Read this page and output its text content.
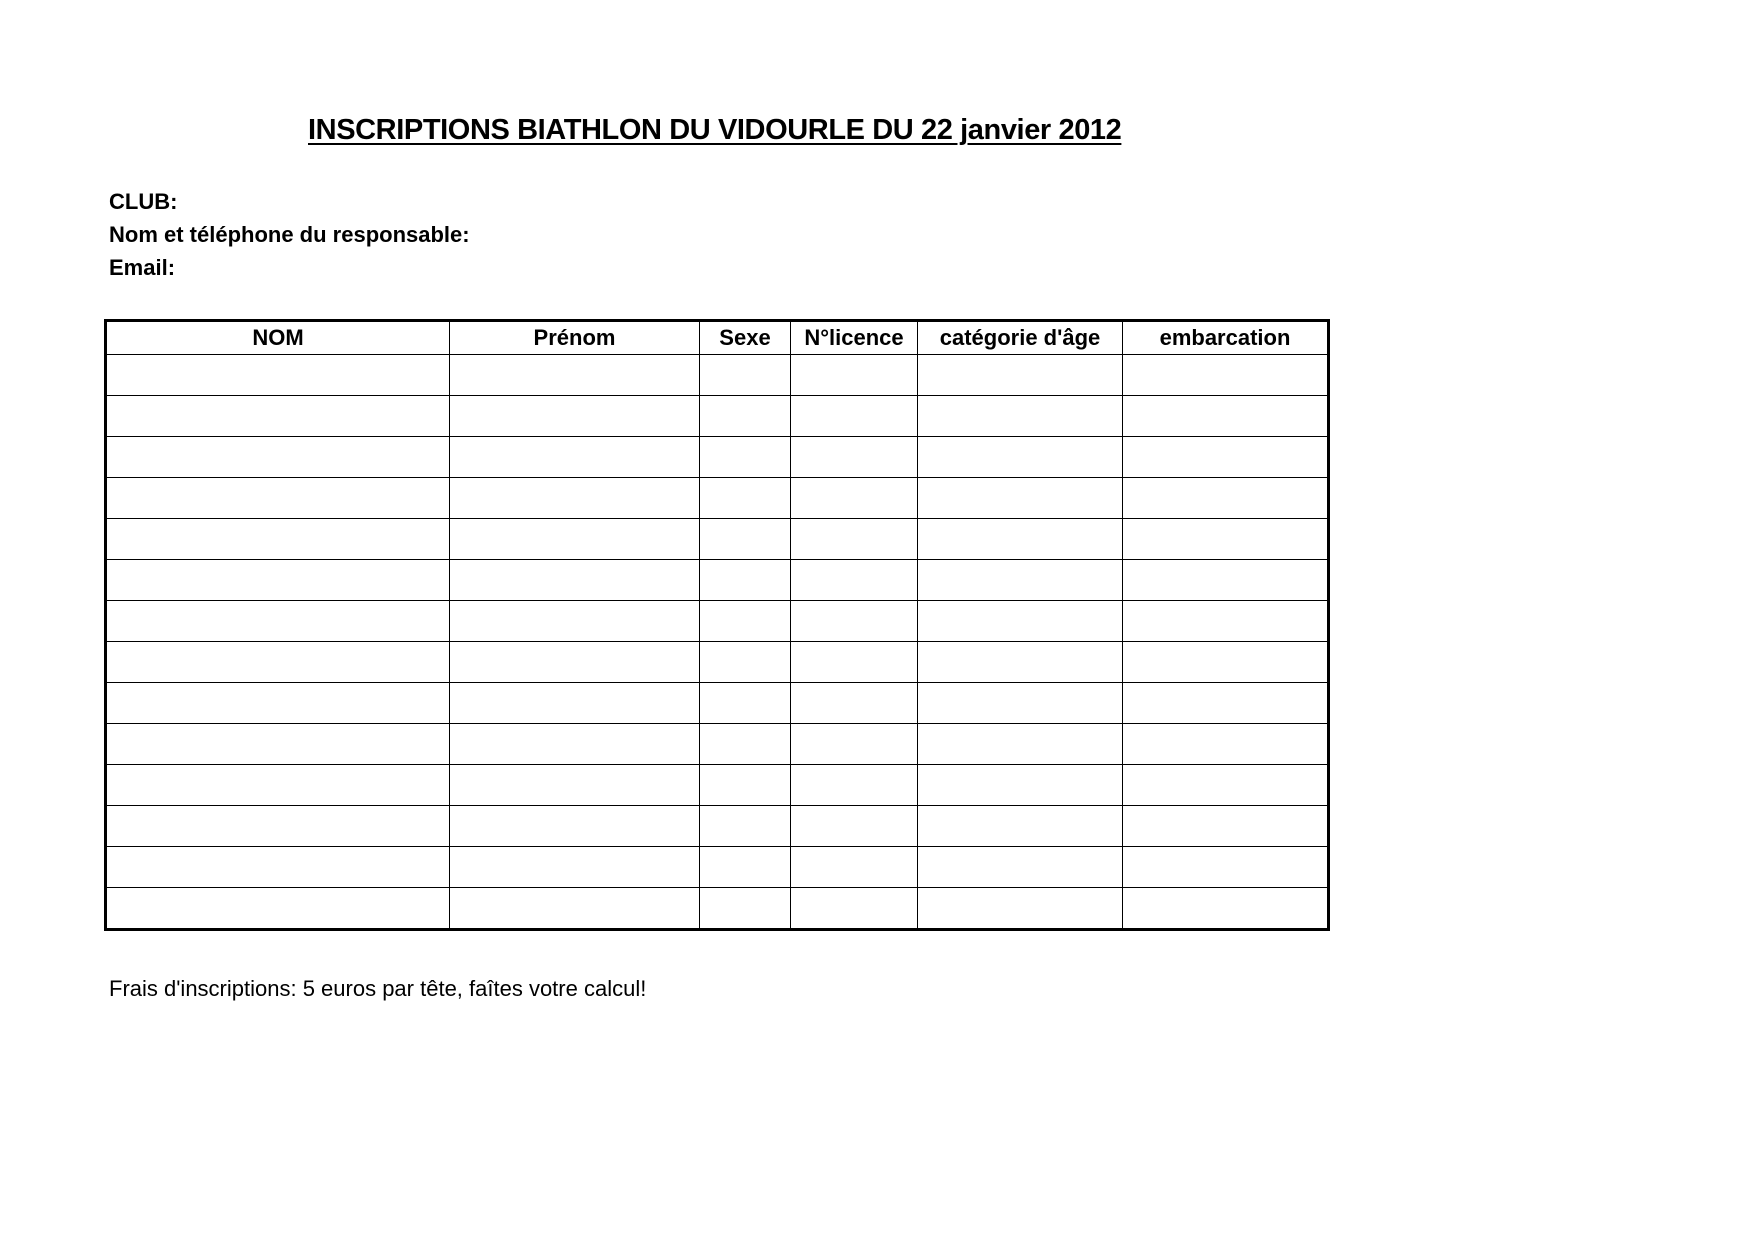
INSCRIPTIONS BIATHLON DU VIDOURLE DU 22 janvier 2012
CLUB:
Nom et téléphone du responsable:
Email:
NOM	Prénom	Sexe	N°licence	catégorie d'âge	embarcation

Frais d'inscriptions: 5 euros par tête, faîtes votre calcul!
